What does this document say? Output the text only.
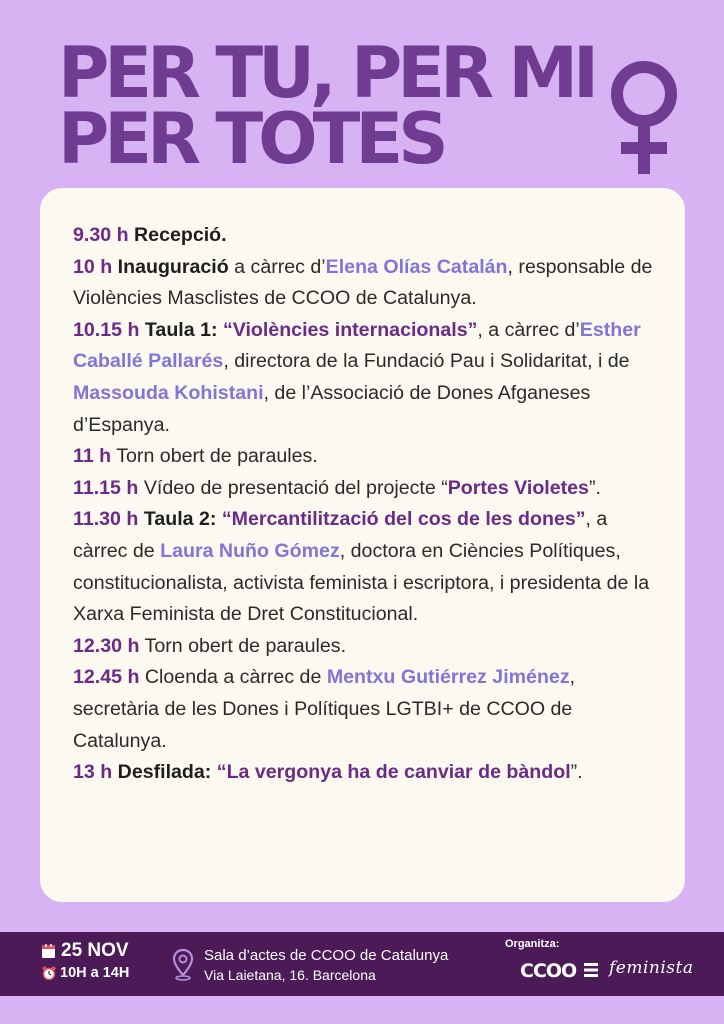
PER TU, PER MI
PER TOTES

9.30 h Recepció.

10 h Inauguració a càrrec d’Elena Olías Catalán, responsable de Violències Masclistes de CCOO de Catalunya.

10.15 h Taula 1: “Violències internacionals”, a càrrec d’Esther Caballé Pallarés, directora de la Fundació Pau i Solidaritat, i de Massouda Kohistani, de l’Associació de Dones Afganeses d’Espanya.

11 h Torn obert de paraules.

11.15 h Vídeo de presentació del projecte “Portes Violetes”.

11.30 h Taula 2: “Mercantilització del cos de les dones”, a càrrec de Laura Nuño Gómez, doctora en Ciències Polítiques, constitucionalista, activista feminista i escriptora, i presidenta de la Xarxa Feminista de Dret Constitucional.

12.30 h Torn obert de paraules.

12.45 h Cloenda a càrrec de Mentxu Gutiérrez Jiménez, secretària de les Dones i Polítiques LGTBI+ de CCOO de Catalunya.

13 h Desfilada: “La vergonya ha de canviar de bàndol”.

25 NOV
10H a 14H
Sala d’actes de CCOO de Catalunya
Via Laietana, 16. Barcelona
Organitza:
CCOO feminista
